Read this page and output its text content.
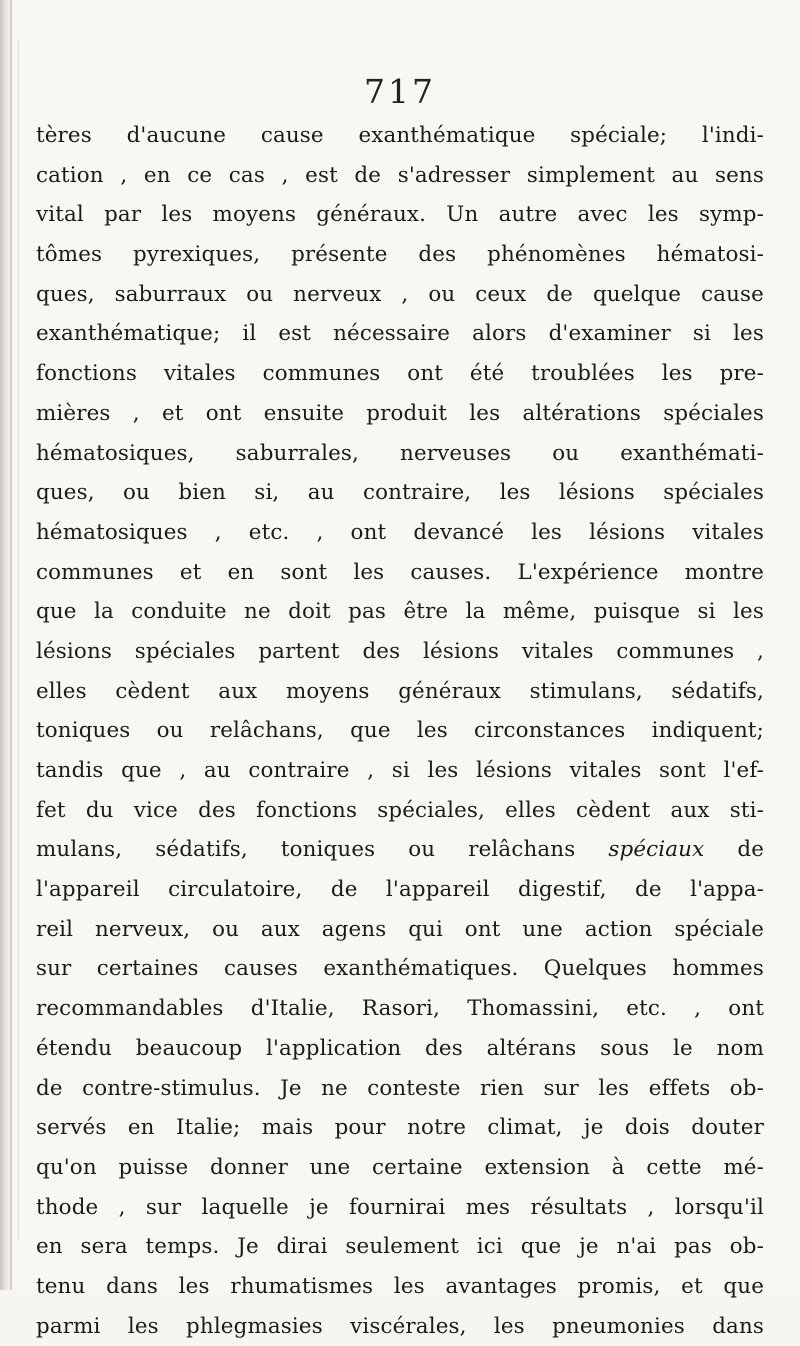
717
tères d'aucune cause exanthématique spéciale; l'indi-
cation , en ce cas , est de s'adresser simplement au sens
vital par les moyens généraux. Un autre avec les symp-
tômes pyrexiques, présente des phénomènes hématosi-
ques, saburraux ou nerveux , ou ceux de quelque cause
exanthématique; il est nécessaire alors d'examiner si les
fonctions vitales communes ont été troublées les pre-
mières , et ont ensuite produit les altérations spéciales
hématosiques, saburrales, nerveuses ou exanthémati-
ques, ou bien si, au contraire, les lésions spéciales
hématosiques , etc. , ont devancé les lésions vitales
communes et en sont les causes. L'expérience montre
que la conduite ne doit pas être la même, puisque si les
lésions spéciales partent des lésions vitales communes ,
elles cèdent aux moyens généraux stimulans, sédatifs,
toniques ou relâchans, que les circonstances indiquent;
tandis que , au contraire , si les lésions vitales sont l'ef-
fet du vice des fonctions spéciales, elles cèdent aux sti-
mulans, sédatifs, toniques ou relâchans spéciaux de
l'appareil circulatoire, de l'appareil digestif, de l'appa-
reil nerveux, ou aux agens qui ont une action spéciale
sur certaines causes exanthématiques. Quelques hommes
recommandables d'Italie, Rasori, Thomassini, etc. , ont
étendu beaucoup l'application des altérans sous le nom
de contre-stimulus. Je ne conteste rien sur les effets ob-
servés en Italie; mais pour notre climat, je dois douter
qu'on puisse donner une certaine extension à cette mé-
thode , sur laquelle je fournirai mes résultats , lorsqu'il
en sera temps. Je dirai seulement ici que je n'ai pas ob-
tenu dans les rhumatismes les avantages promis, et que
parmi les phlegmasies viscérales, les pneumonies dans
